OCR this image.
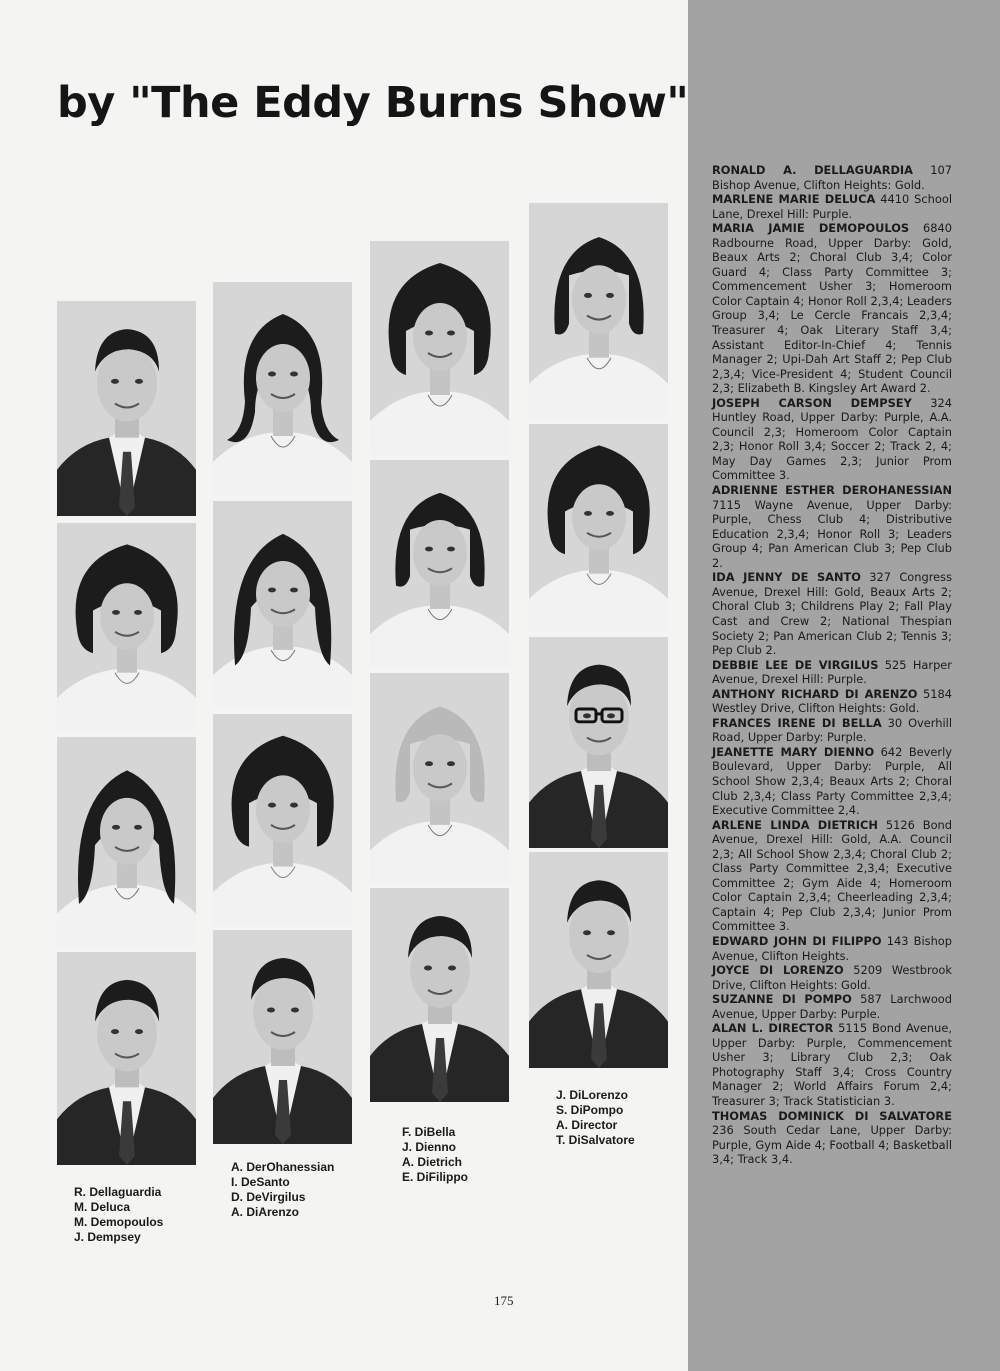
by "The Eddy Burns Show"
R. Dellaguardia
M. Deluca
M. Demopoulos
J. Dempsey
A. DerOhanessian
I. DeSanto
D. DeVirgilus
A. DiArenzo
F. DiBella
J. Dienno
A. Dietrich
E. DiFilippo
J. DiLorenzo
S. DiPompo
A. Director
T. DiSalvatore

RONALD A. DELLAGUARDIA 107 Bishop Avenue, Clifton Heights: Gold.

MARLENE MARIE DELUCA 4410 School Lane, Drexel Hill: Purple.

MARIA JAMIE DEMOPOULOS 6840 Radbourne Road, Upper Darby: Gold, Beaux Arts 2; Choral Club 3,4; Color Guard 4; Class Party Committee 3; Commencement Usher 3; Homeroom Color Captain 4; Honor Roll 2,3,4; Leaders Group 3,4; Le Cercle Francais 2,3,4; Treasurer 4; Oak Literary Staff 3,4; Assistant Editor-In-Chief 4; Tennis Manager 2; Upi-Dah Art Staff 2; Pep Club 2,3,4; Vice-President 4; Student Council 2,3; Elizabeth B. Kingsley Art Award 2.

JOSEPH CARSON DEMPSEY 324 Huntley Road, Upper Darby: Purple, A.A. Council 2,3; Homeroom Color Captain 2,3; Honor Roll 3,4; Soccer 2; Track 2, 4; May Day Games 2,3; Junior Prom Committee 3.

ADRIENNE ESTHER DEROHANESSIAN 7115 Wayne Avenue, Upper Darby: Purple, Chess Club 4; Distributive Education 2,3,4; Honor Roll 3; Leaders Group 4; Pan American Club 3; Pep Club 2.

IDA JENNY DE SANTO 327 Congress Avenue, Drexel Hill: Gold, Beaux Arts 2; Choral Club 3; Childrens Play 2; Fall Play Cast and Crew 2; National Thespian Society 2; Pan American Club 2; Tennis 3; Pep Club 2.

DEBBIE LEE DE VIRGILUS 525 Harper Avenue, Drexel Hill: Purple.

ANTHONY RICHARD DI ARENZO 5184 Westley Drive, Clifton Heights: Gold.

FRANCES IRENE DI BELLA 30 Overhill Road, Upper Darby: Purple.

JEANETTE MARY DIENNO 642 Beverly Boulevard, Upper Darby: Purple, All School Show 2,3,4; Beaux Arts 2; Choral Club 2,3,4; Class Party Committee 2,3,4; Executive Committee 2,4.

ARLENE LINDA DIETRICH 5126 Bond Avenue, Drexel Hill: Gold, A.A. Council 2,3; All School Show 2,3,4; Choral Club 2; Class Party Committee 2,3,4; Executive Committee 2; Gym Aide 4; Homeroom Color Captain 2,3,4; Cheerleading 2,3,4; Captain 4; Pep Club 2,3,4; Junior Prom Committee 3.

EDWARD JOHN DI FILIPPO 143 Bishop Avenue, Clifton Heights.

JOYCE DI LORENZO 5209 Westbrook Drive, Clifton Heights: Gold.

SUZANNE DI POMPO 587 Larchwood Avenue, Upper Darby: Purple.

ALAN L. DIRECTOR 5115 Bond Avenue, Upper Darby: Purple, Commencement Usher 3; Library Club 2,3; Oak Photography Staff 3,4; Cross Country Manager 2; World Affairs Forum 2,4; Treasurer 3; Track Statistician 3.

THOMAS DOMINICK DI SALVATORE 236 South Cedar Lane, Upper Darby: Purple, Gym Aide 4; Football 4; Basketball 3,4; Track 3,4.

175
